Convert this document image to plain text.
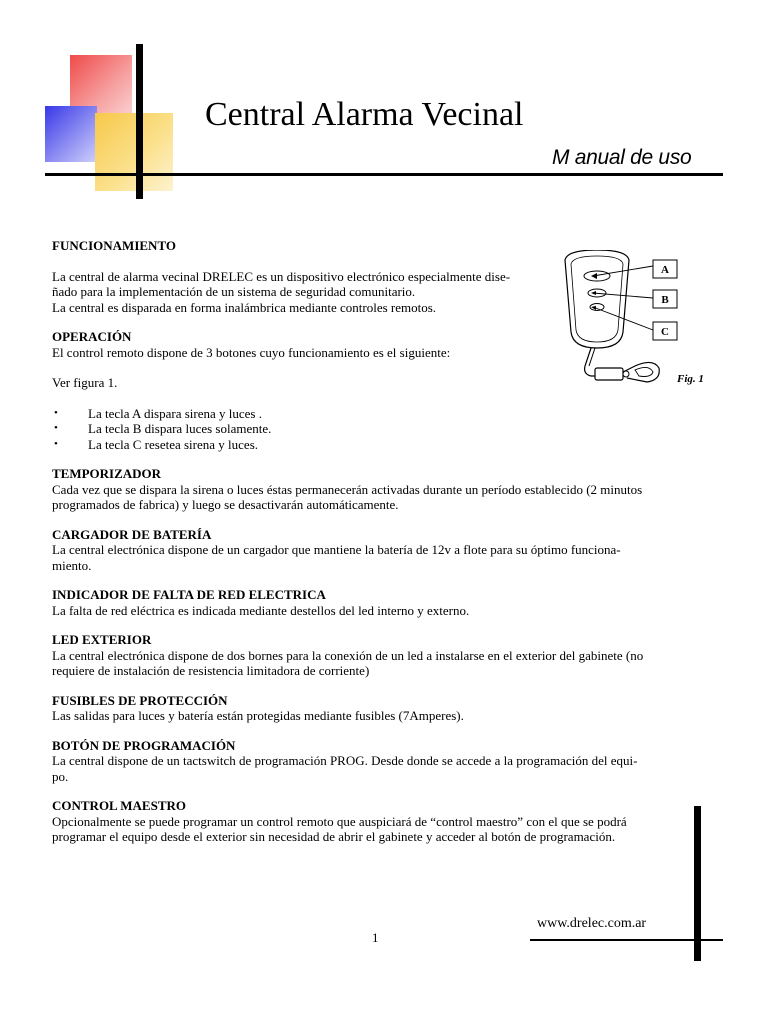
Central Alarma Vecinal
M anual de uso
A
B
C
Fig. 1

FUNCIONAMIENTO

La central de alarma vecinal DRELEC es un dispositivo electrónico especialmente dise-

ñado para la implementación de un sistema de seguridad comunitario.

La central es disparada en forma inalámbrica mediante controles remotos.

OPERACIÓN

El control remoto dispone de 3 botones cuyo funcionamiento es el siguiente:

Ver figura 1.

• La tecla A dispara sirena y luces .
• La tecla B dispara luces solamente.
• La tecla C resetea sirena y luces.

TEMPORIZADOR

Cada vez que se dispara la sirena o luces éstas permanecerán activadas durante un período establecido (2 minutos

programados de fabrica) y luego se desactivarán automáticamente.

CARGADOR DE BATERÍA

La central electrónica dispone de un cargador que mantiene la batería de 12v a flote para su óptimo funciona-

miento.

INDICADOR DE FALTA DE RED ELECTRICA

La falta de red eléctrica es indicada mediante destellos del led interno y externo.

LED EXTERIOR

La central electrónica dispone de dos bornes para la conexión de un led a instalarse en el exterior del gabinete (no

requiere de instalación de resistencia limitadora de corriente)

FUSIBLES DE PROTECCIÓN

Las salidas para luces y batería están protegidas mediante fusibles (7Amperes).

BOTÓN DE PROGRAMACIÓN

La central dispone de un tactswitch de programación PROG. Desde donde se accede a la programación del equi-

po.

CONTROL MAESTRO

Opcionalmente se puede programar un control remoto que auspiciará de “control maestro” con el que se podrá

programar el equipo desde el exterior sin necesidad de abrir el gabinete y acceder al botón de programación.

www.drelec.com.ar
1
